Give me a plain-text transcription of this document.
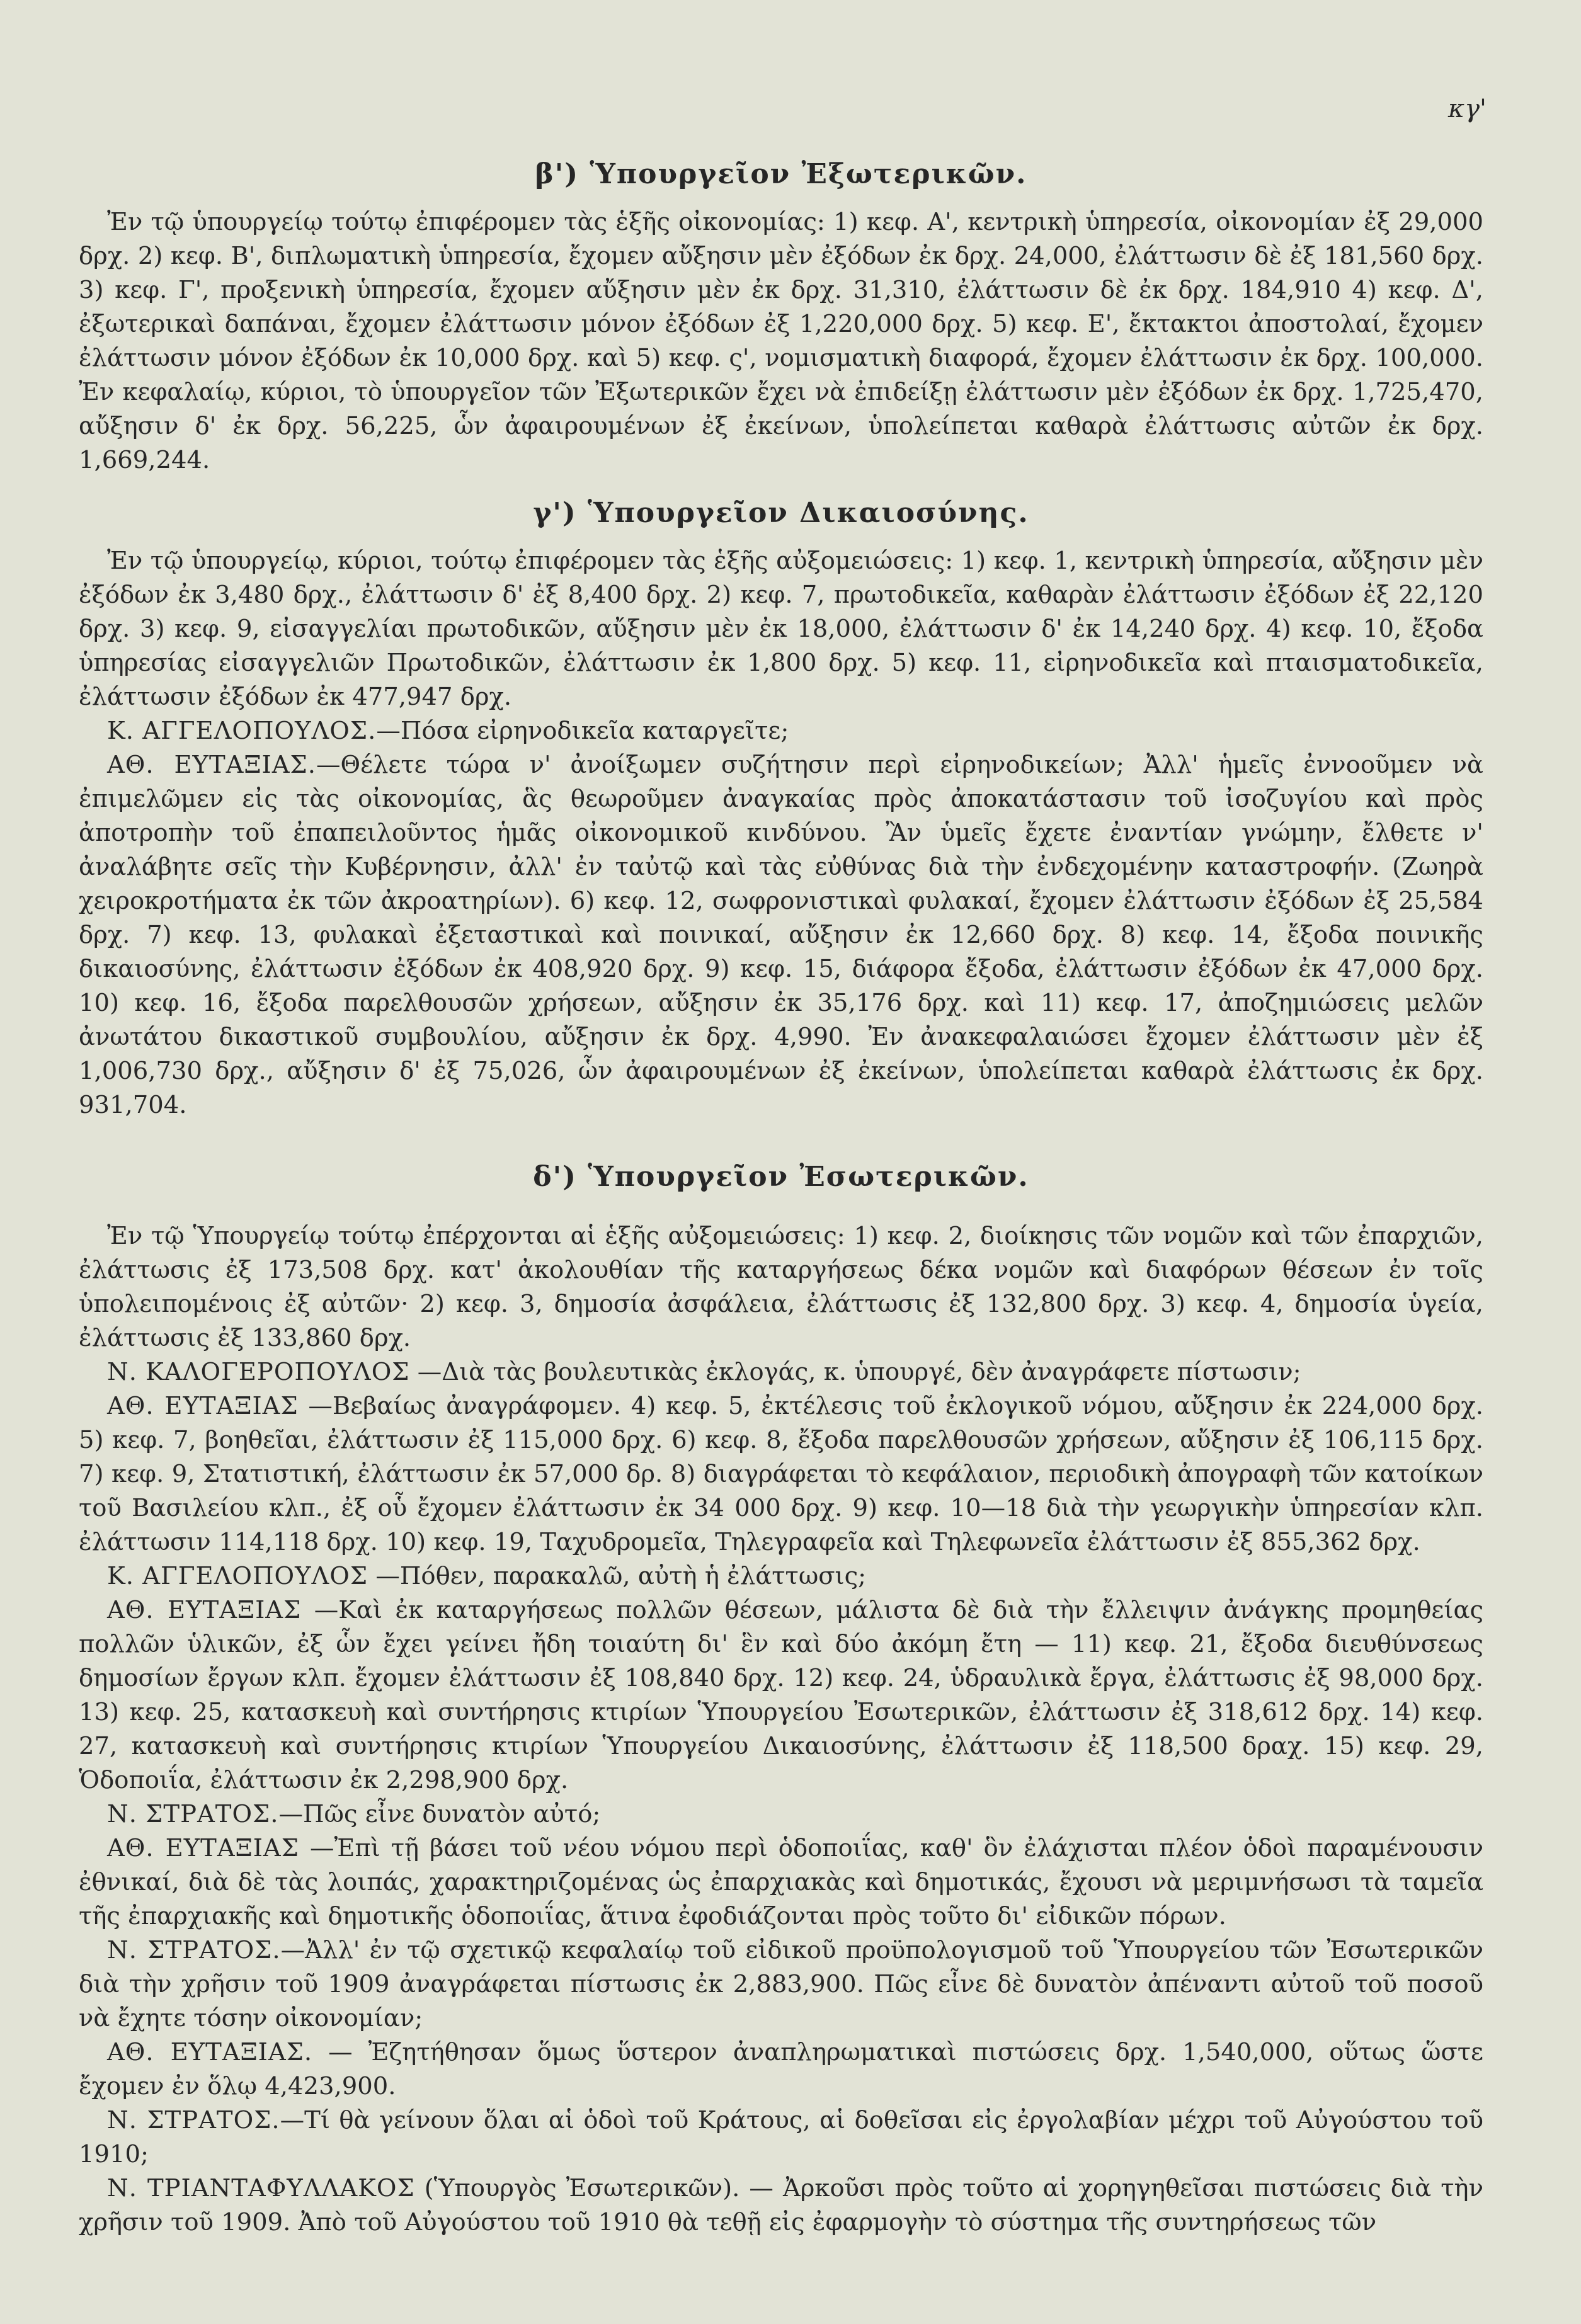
κγ'
β') Ὑπουργεῖον Ἐξωτερικῶν.

Ἐν τῷ ὑπουργείῳ τούτῳ ἐπιφέρομεν τὰς ἑξῆς οἰκονομίας: 1) κεφ. Α', κεντρικὴ ὑπηρεσία, οἰκονομίαν ἐξ 29,000 δρχ. 2) κεφ. Β', διπλωματικὴ ὑπηρεσία, ἔχομεν αὔξησιν μὲν ἐξόδων ἐκ δρχ. 24,000, ἐλάττωσιν δὲ ἐξ 181,560 δρχ. 3) κεφ. Γ', προξενικὴ ὑπηρεσία, ἔχομεν αὔξησιν μὲν ἐκ δρχ. 31,310, ἐλάττωσιν δὲ ἐκ δρχ. 184,910 4) κεφ. Δ', ἐξωτερικαὶ δαπάναι, ἔχομεν ἐλάττωσιν μόνον ἐξόδων ἐξ 1,220,000 δρχ. 5) κεφ. Ε', ἔκτακτοι ἀποστολαί, ἔχομεν ἐλάττωσιν μόνον ἐξόδων ἐκ 10,000 δρχ. καὶ 5) κεφ. ς', νομισματικὴ διαφορά, ἔχομεν ἐλάττωσιν ἐκ δρχ. 100,000. Ἐν κεφαλαίῳ, κύριοι, τὸ ὑπουργεῖον τῶν Ἐξωτερικῶν ἔχει νὰ ἐπιδείξῃ ἐλάττωσιν μὲν ἐξόδων ἐκ δρχ. 1,725,470, αὔξησιν δ' ἐκ δρχ. 56,225, ὧν ἀφαιρουμένων ἐξ ἐκείνων, ὑπολείπεται καθαρὰ ἐλάττωσις αὐτῶν ἐκ δρχ. 1,669,244.

γ') Ὑπουργεῖον Δικαιοσύνης.

Ἐν τῷ ὑπουργείῳ, κύριοι, τούτῳ ἐπιφέρομεν τὰς ἑξῆς αὐξομειώσεις: 1) κεφ. 1, κεντρικὴ ὑπηρεσία, αὔξησιν μὲν ἐξόδων ἐκ 3,480 δρχ., ἐλάττωσιν δ' ἐξ 8,400 δρχ. 2) κεφ. 7, πρωτοδικεῖα, καθαρὰν ἐλάττωσιν ἐξόδων ἐξ 22,120 δρχ. 3) κεφ. 9, εἰσαγγελίαι πρωτοδικῶν, αὔξησιν μὲν ἐκ 18,000, ἐλάττωσιν δ' ἐκ 14,240 δρχ. 4) κεφ. 10, ἔξοδα ὑπηρεσίας εἰσαγγελιῶν Πρωτοδικῶν, ἐλάττωσιν ἐκ 1,800 δρχ. 5) κεφ. 11, εἰρηνοδικεῖα καὶ πταισματοδικεῖα, ἐλάττωσιν ἐξόδων ἐκ 477,947 δρχ.

Κ. ΑΓΓΕΛΟΠΟΥΛΟΣ.—Πόσα εἰρηνοδικεῖα καταργεῖτε;

ΑΘ. ΕΥΤΑΞΙΑΣ.—Θέλετε τώρα ν' ἀνοίξωμεν συζήτησιν περὶ εἰρηνοδικείων; Ἀλλ' ἡμεῖς ἐννοοῦμεν νὰ ἐπιμελῶμεν εἰς τὰς οἰκονομίας, ἃς θεωροῦμεν ἀναγκαίας πρὸς ἀποκατάστασιν τοῦ ἰσοζυγίου καὶ πρὸς ἀποτροπὴν τοῦ ἐπαπειλοῦντος ἡμᾶς οἰκονομικοῦ κινδύνου. Ἂν ὑμεῖς ἔχετε ἐναντίαν γνώμην, ἔλθετε ν' ἀναλάβητε σεῖς τὴν Κυβέρνησιν, ἀλλ' ἐν ταὐτῷ καὶ τὰς εὐθύνας διὰ τὴν ἐνδεχομένην καταστροφήν. (Ζωηρὰ χειροκροτήματα ἐκ τῶν ἀκροατηρίων). 6) κεφ. 12, σωφρονιστικαὶ φυλακαί, ἔχομεν ἐλάττωσιν ἐξόδων ἐξ 25,584 δρχ. 7) κεφ. 13, φυλακαὶ ἐξεταστικαὶ καὶ ποινικαί, αὔξησιν ἐκ 12,660 δρχ. 8) κεφ. 14, ἔξοδα ποινικῆς δικαιοσύνης, ἐλάττωσιν ἐξόδων ἐκ 408,920 δρχ. 9) κεφ. 15, διάφορα ἔξοδα, ἐλάττωσιν ἐξόδων ἐκ 47,000 δρχ. 10) κεφ. 16, ἔξοδα παρελθουσῶν χρήσεων, αὔξησιν ἐκ 35,176 δρχ. καὶ 11) κεφ. 17, ἀποζημιώσεις μελῶν ἀνωτάτου δικαστικοῦ συμβουλίου, αὔξησιν ἐκ δρχ. 4,990. Ἐν ἀνακεφαλαιώσει ἔχομεν ἐλάττωσιν μὲν ἐξ 1,006,730 δρχ., αὔξησιν δ' ἐξ 75,026, ὧν ἀφαιρουμένων ἐξ ἐκείνων, ὑπολείπεται καθαρὰ ἐλάττωσις ἐκ δρχ. 931,704.

δ') Ὑπουργεῖον Ἐσωτερικῶν.

Ἐν τῷ Ὑπουργείῳ τούτῳ ἐπέρχονται αἱ ἑξῆς αὐξομειώσεις: 1) κεφ. 2, διοίκησις τῶν νομῶν καὶ τῶν ἐπαρχιῶν, ἐλάττωσις ἐξ 173,508 δρχ. κατ' ἀκολουθίαν τῆς καταργήσεως δέκα νομῶν καὶ διαφόρων θέσεων ἐν τοῖς ὑπολειπομένοις ἐξ αὐτῶν· 2) κεφ. 3, δημοσία ἀσφάλεια, ἐλάττωσις ἐξ 132,800 δρχ. 3) κεφ. 4, δημοσία ὑγεία, ἐλάττωσις ἐξ 133,860 δρχ.

Ν. ΚΑΛΟΓΕΡΟΠΟΥΛΟΣ —Διὰ τὰς βουλευτικὰς ἐκλογάς, κ. ὑπουργέ, δὲν ἀναγράφετε πίστωσιν;

ΑΘ. ΕΥΤΑΞΙΑΣ —Βεβαίως ἀναγράφομεν. 4) κεφ. 5, ἐκτέλεσις τοῦ ἐκλογικοῦ νόμου, αὔξησιν ἐκ 224,000 δρχ. 5) κεφ. 7, βοηθεῖαι, ἐλάττωσιν ἐξ 115,000 δρχ. 6) κεφ. 8, ἔξοδα παρελθουσῶν χρήσεων, αὔξησιν ἐξ 106,115 δρχ. 7) κεφ. 9, Στατιστική, ἐλάττωσιν ἐκ 57,000 δρ. 8) διαγράφεται τὸ κεφάλαιον, περιοδικὴ ἀπογραφὴ τῶν κατοίκων τοῦ Βασιλείου κλπ., ἐξ οὗ ἔχομεν ἐλάττωσιν ἐκ 34 000 δρχ. 9) κεφ. 10—18 διὰ τὴν γεωργικὴν ὑπηρεσίαν κλπ. ἐλάττωσιν 114,118 δρχ. 10) κεφ. 19, Ταχυδρομεῖα, Τηλεγραφεῖα καὶ Τηλεφωνεῖα ἐλάττωσιν ἐξ 855,362 δρχ.

Κ. ΑΓΓΕΛΟΠΟΥΛΟΣ —Πόθεν, παρακαλῶ, αὐτὴ ἡ ἐλάττωσις;

ΑΘ. ΕΥΤΑΞΙΑΣ —Καὶ ἐκ καταργήσεως πολλῶν θέσεων, μάλιστα δὲ διὰ τὴν ἔλλειψιν ἀνάγκης προμηθείας πολλῶν ὑλικῶν, ἐξ ὧν ἔχει γείνει ἤδη τοιαύτη δι' ἓν καὶ δύο ἀκόμη ἔτη — 11) κεφ. 21, ἔξοδα διευθύνσεως δημοσίων ἔργων κλπ. ἔχομεν ἐλάττωσιν ἐξ 108,840 δρχ. 12) κεφ. 24, ὑδραυλικὰ ἔργα, ἐλάττωσις ἐξ 98,000 δρχ. 13) κεφ. 25, κατασκευὴ καὶ συντήρησις κτιρίων Ὑπουργείου Ἐσωτερικῶν, ἐλάττωσιν ἐξ 318,612 δρχ. 14) κεφ. 27, κατασκευὴ καὶ συντήρησις κτιρίων Ὑπουργείου Δικαιοσύνης, ἐλάττωσιν ἐξ 118,500 δραχ. 15) κεφ. 29, Ὁδοποιΐα, ἐλάττωσιν ἐκ 2,298,900 δρχ.

Ν. ΣΤΡΑΤΟΣ.—Πῶς εἶνε δυνατὸν αὐτό;

ΑΘ. ΕΥΤΑΞΙΑΣ —Ἐπὶ τῇ βάσει τοῦ νέου νόμου περὶ ὁδοποιΐας, καθ' ὃν ἐλάχισται πλέον ὁδοὶ παραμένουσιν ἐθνικαί, διὰ δὲ τὰς λοιπάς, χαρακτηριζομένας ὡς ἐπαρχιακὰς καὶ δημοτικάς, ἔχουσι νὰ μεριμνήσωσι τὰ ταμεῖα τῆς ἐπαρχιακῆς καὶ δημοτικῆς ὁδοποιΐας, ἅτινα ἐφοδιάζονται πρὸς τοῦτο δι' εἰδικῶν πόρων.

Ν. ΣΤΡΑΤΟΣ.—Ἀλλ' ἐν τῷ σχετικῷ κεφαλαίῳ τοῦ εἰδικοῦ προϋπολογισμοῦ τοῦ Ὑπουργείου τῶν Ἐσωτερικῶν διὰ τὴν χρῆσιν τοῦ 1909 ἀναγράφεται πίστωσις ἐκ 2,883,900. Πῶς εἶνε δὲ δυνατὸν ἀπέναντι αὐτοῦ τοῦ ποσοῦ νὰ ἔχητε τόσην οἰκονομίαν;

ΑΘ. ΕΥΤΑΞΙΑΣ. — Ἐζητήθησαν ὅμως ὕστερον ἀναπληρωματικαὶ πιστώσεις δρχ. 1,540,000, οὕτως ὥστε ἔχομεν ἐν ὅλῳ 4,423,900.

Ν. ΣΤΡΑΤΟΣ.—Τί θὰ γείνουν ὅλαι αἱ ὁδοὶ τοῦ Κράτους, αἱ δοθεῖσαι εἰς ἐργολαβίαν μέχρι τοῦ Αὐγούστου τοῦ 1910;

Ν. ΤΡΙΑΝΤΑΦΥΛΛΑΚΟΣ (Ὑπουργὸς Ἐσωτερικῶν). — Ἀρκοῦσι πρὸς τοῦτο αἱ χορηγηθεῖσαι πιστώσεις διὰ τὴν χρῆσιν τοῦ 1909. Ἀπὸ τοῦ Αὐγούστου τοῦ 1910 θὰ τεθῇ εἰς ἐφαρμογὴν τὸ σύστημα τῆς συντηρήσεως τῶν
